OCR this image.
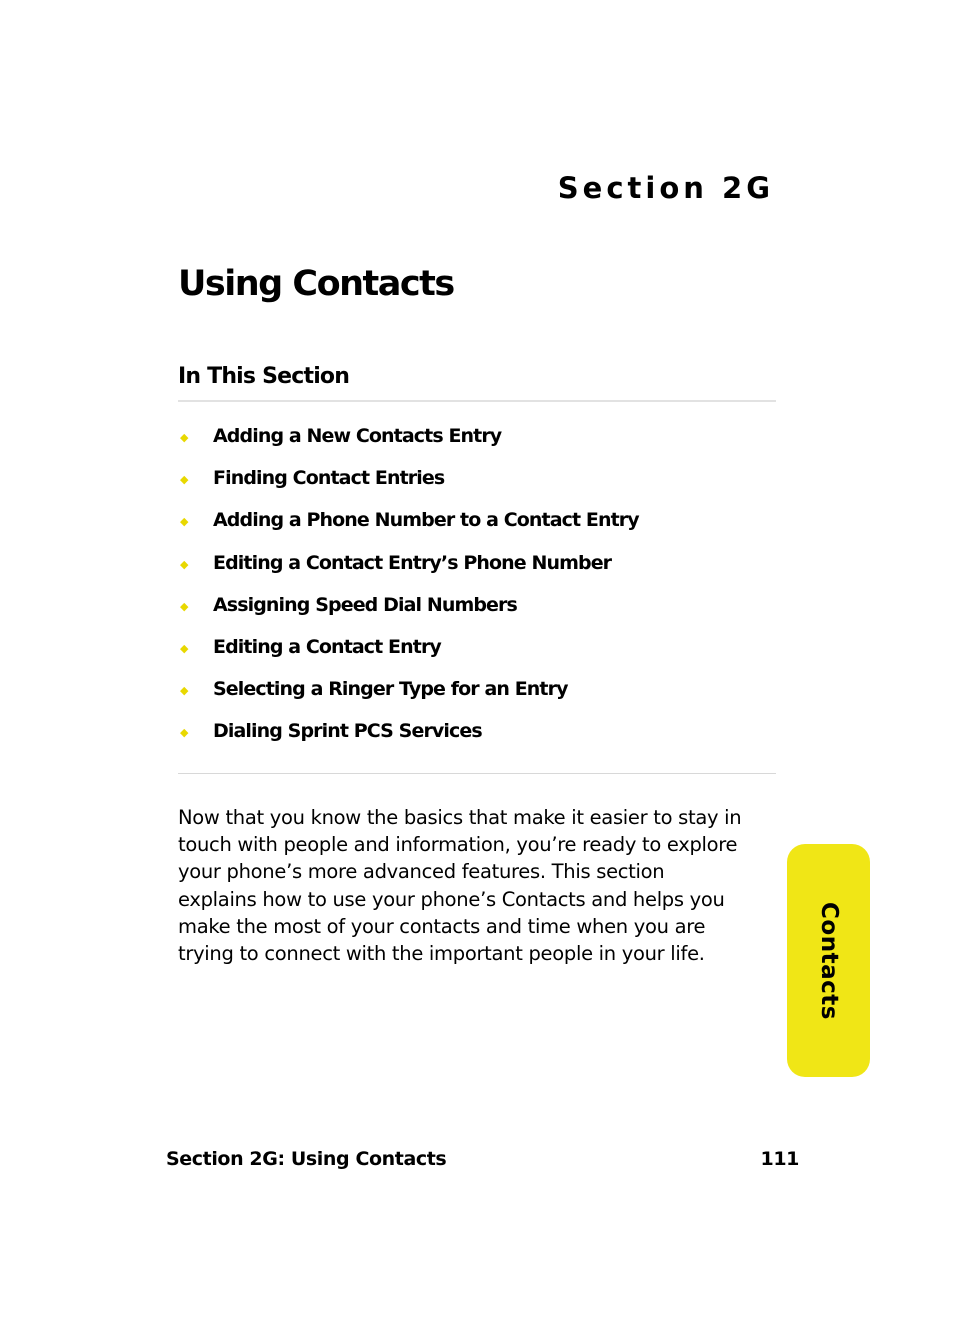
Section 2G
Using Contacts
In This Section
◆ Adding a New Contacts Entry
◆ Finding Contact Entries
◆ Adding a Phone Number to a Contact Entry
◆ Editing a Contact Entry’s Phone Number
◆ Assigning Speed Dial Numbers
◆ Editing a Contact Entry
◆ Selecting a Ringer Type for an Entry
◆ Dialing Sprint PCS Services

Now that you know the basics that make it easier to stay in touch with people and information, you’re ready to explore your phone’s more advanced features. This section explains how to use your phone’s Contacts and helps you make the most of your contacts and time when you are trying to connect with the important people in your life.	Contacts
Section 2G: Using Contacts	111
